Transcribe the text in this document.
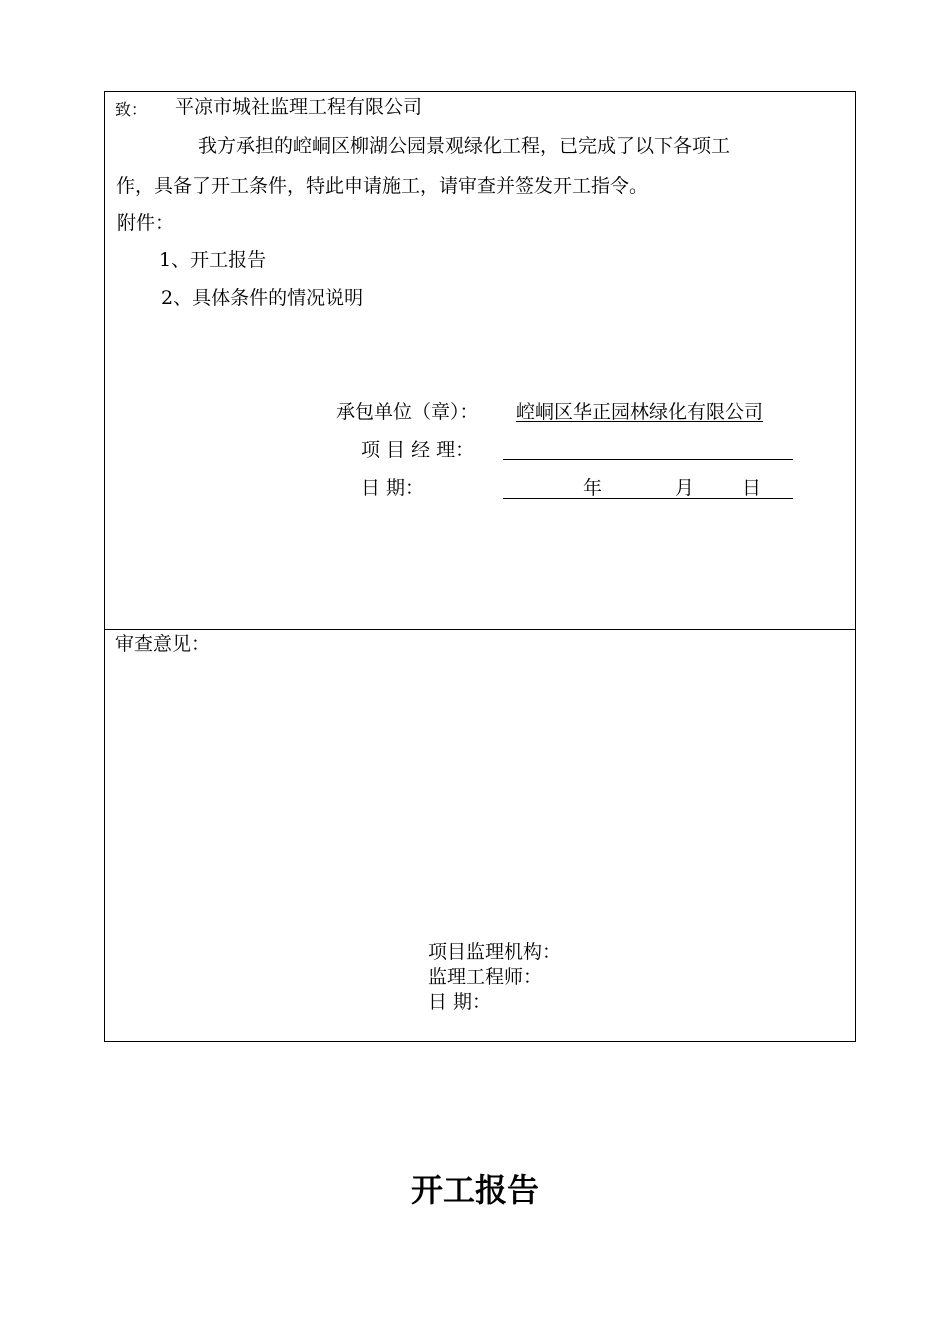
致： 平凉市城社监理工程有限公司
我方承担的崆峒区柳湖公园景观绿化工程，已完成了以下各项工
作，具备了开工条件，特此申请施工，请审查并签发开工指令。
附件：
1、开工报告
2、具体条件的情况说明
承包单位（章）： 崆峒区华正园林绿化有限公司
项 目 经 理：
日 期：	年	月	日
审查意见：
项目监理机构：
监理工程师：
日 期：
开工报告
